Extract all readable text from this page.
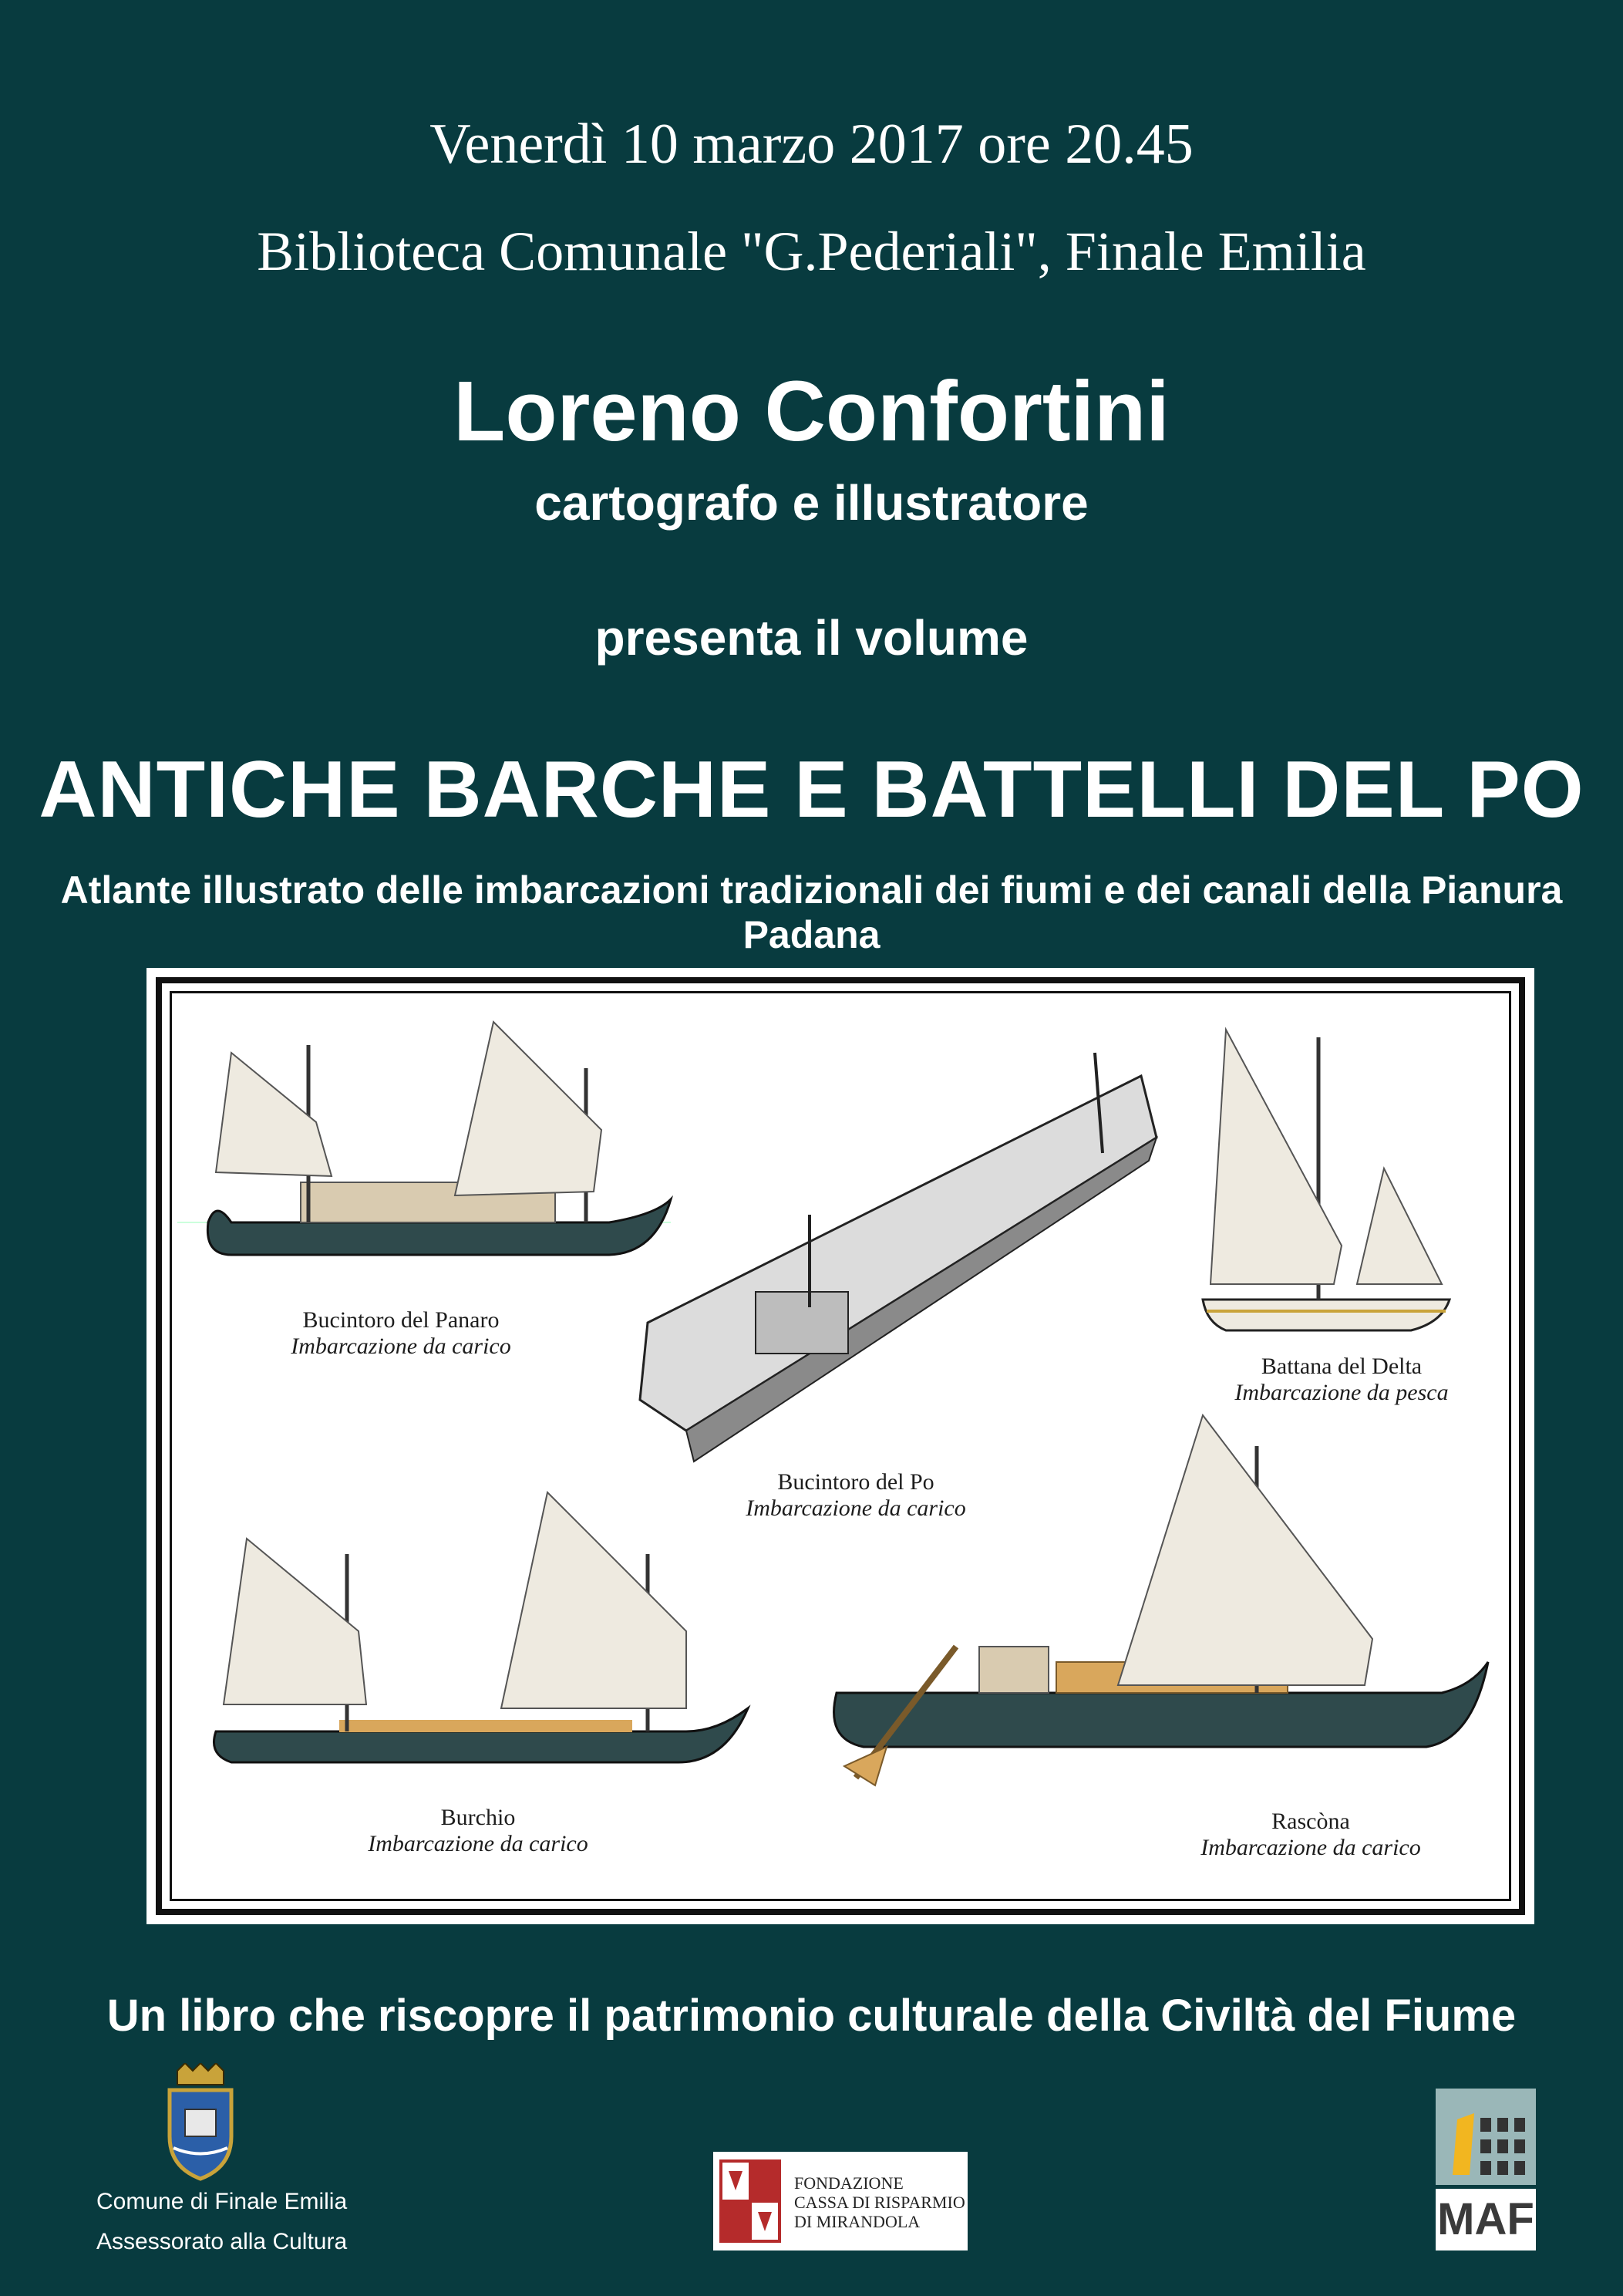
Venerdì 10 marzo 2017 ore 20.45
Biblioteca Comunale "G.Pederiali", Finale Emilia
Loreno Confortini
cartografo e illustratore
presenta il volume
ANTICHE BARCHE E BATTELLI DEL PO
Atlante illustrato delle imbarcazioni tradizionali dei fiumi e dei canali della Pianura Padana
Bucintoro del Panaro
Imbarcazione da carico
Bucintoro del Po
Imbarcazione da carico
Battana del Delta
Imbarcazione da pesca
Burchio
Imbarcazione da carico
Rascòna
Imbarcazione da carico
Un libro che riscopre il patrimonio culturale della Civiltà del Fiume
Comune di Finale Emilia
Assessorato alla Cultura
FONDAZIONE
CASSA DI RISPARMIO
DI MIRANDOLA	MAF
